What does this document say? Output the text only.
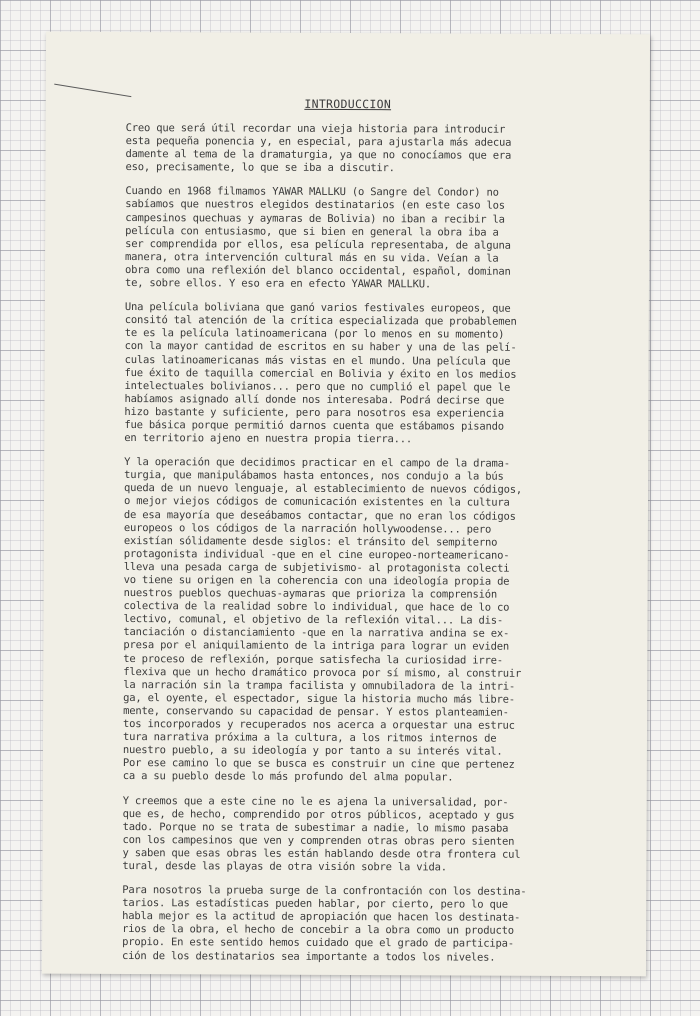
INTRODUCCION
Creo que será útil recordar una vieja historia para introducir
esta pequeña ponencia y, en especial, para ajustarla más adecua
damente al tema de la dramaturgia, ya que no conocíamos que era
eso, precisamente, lo que se iba a discutir.
Cuando en 1968 filmamos YAWAR MALLKU (o Sangre del Condor) no
sabíamos que nuestros elegidos destinatarios (en este caso los
campesinos quechuas y aymaras de Bolivia) no iban a recibir la
película con entusiasmo, que si bien en general la obra iba a
ser comprendida por ellos, esa película representaba, de alguna
manera, otra intervención cultural más en su vida. Veían a la
obra como una reflexión del blanco occidental, español, dominan
te, sobre ellos. Y eso era en efecto YAWAR MALLKU.
Una película boliviana que ganó varios festivales europeos, que
consitó tal atención de la crítica especializada que probablemen
te es la película latinoamericana (por lo menos en su momento)
con la mayor cantidad de escritos en su haber y una de las pelí-
culas latinoamericanas más vistas en el mundo. Una película que
fue éxito de taquilla comercial en Bolivia y éxito en los medios
intelectuales bolivianos... pero que no cumplió el papel que le
habíamos asignado allí donde nos interesaba. Podrá decirse que
hizo bastante y suficiente, pero para nosotros esa experiencia
fue básica porque permitió darnos cuenta que estábamos pisando
en territorio ajeno en nuestra propia tierra...
Y la operación que decidimos practicar en el campo de la drama-
turgia, que manipulábamos hasta entonces, nos condujo a la bús
queda de un nuevo lenguaje, al establecimiento de nuevos códigos,
o mejor viejos códigos de comunicación existentes en la cultura
de esa mayoría que deseábamos contactar, que no eran los códigos
europeos o los códigos de la narración hollywoodense... pero
existían sólidamente desde siglos: el tránsito del sempiterno
protagonista individual -que en el cine europeo-norteamericano-
lleva una pesada carga de subjetivismo- al protagonista colecti
vo tiene su origen en la coherencia con una ideología propia de
nuestros pueblos quechuas-aymaras que prioriza la comprensión
colectiva de la realidad sobre lo individual, que hace de lo co
lectivo, comunal, el objetivo de la reflexión vital... La dis-
tanciación o distanciamiento -que en la narrativa andina se ex-
presa por el aniquilamiento de la intriga para lograr un eviden
te proceso de reflexión, porque satisfecha la curiosidad irre-
flexiva que un hecho dramático provoca por sí mismo, al construir
la narración sin la trampa facilista y omnubiladora de la intri-
ga, el oyente, el espectador, sigue la historia mucho más libre-
mente, conservando su capacidad de pensar. Y estos planteamien-
tos incorporados y recuperados nos acerca a orquestar una estruc
tura narrativa próxima a la cultura, a los ritmos internos de
nuestro pueblo, a su ideología y por tanto a su interés vital.
Por ese camino lo que se busca es construir un cine que pertenez
ca a su pueblo desde lo más profundo del alma popular.
Y creemos que a este cine no le es ajena la universalidad, por-
que es, de hecho, comprendido por otros públicos, aceptado y gus
tado. Porque no se trata de subestimar a nadie, lo mismo pasaba
con los campesinos que ven y comprenden otras obras pero sienten
y saben que esas obras les están hablando desde otra frontera cul
tural, desde las playas de otra visión sobre la vida.
Para nosotros la prueba surge de la confrontación con los destina-
tarios. Las estadísticas pueden hablar, por cierto, pero lo que
habla mejor es la actitud de apropiación que hacen los destinata-
rios de la obra, el hecho de concebir a la obra como un producto
propio. En este sentido hemos cuidado que el grado de participa-
ción de los destinatarios sea importante a todos los niveles.
